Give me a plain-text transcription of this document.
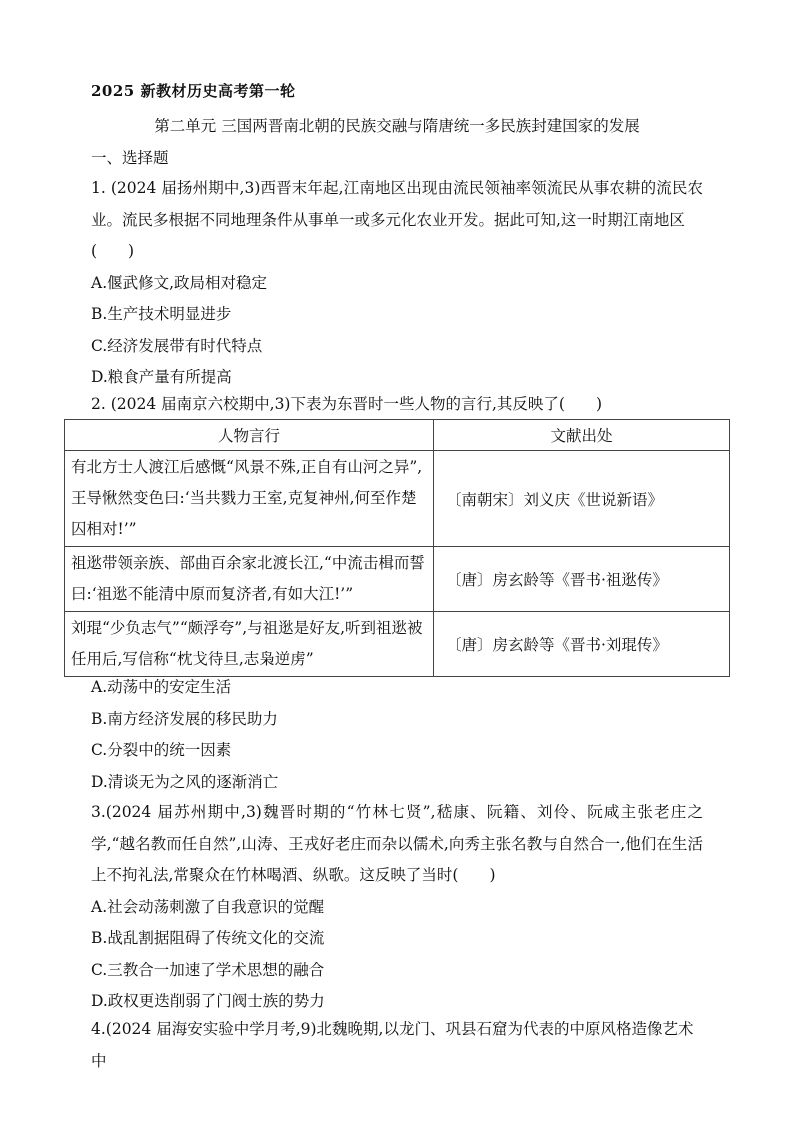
2025 新教材历史高考第一轮
第二单元 三国两晋南北朝的民族交融与隋唐统一多民族封建国家的发展
一、选择题
1. (2024 届扬州期中,3)西晋末年起,江南地区出现由流民领袖率领流民从事农耕的流民农业。流民多根据不同地理条件从事单一或多元化农业开发。据此可知,这一时期江南地区
(　　)
A.偃武修文,政局相对稳定
B.生产技术明显进步
C.经济发展带有时代特点
D.粮食产量有所提高
2. (2024 届南京六校期中,3)下表为东晋时一些人物的言行,其反映了(　　)
人物言行	文献出处
有北方士人渡江后感慨“风景不殊,正自有山河之异”,王导愀然变色曰:‘当共戮力王室,克复神州,何至作楚囚相对!’”	〔南朝宋〕刘义庆《世说新语》
祖逖带领亲族、部曲百余家北渡长江,“中流击楫而誓曰:‘祖逖不能清中原而复济者,有如大江!’”	〔唐〕房玄龄等《晋书·祖逖传》
刘琨“少负志气”“颇浮夸”,与祖逖是好友,听到祖逖被任用后,写信称“枕戈待旦,志枭逆虏”	〔唐〕房玄龄等《晋书·刘琨传》
A.动荡中的安定生活
B.南方经济发展的移民助力
C.分裂中的统一因素
D.清谈无为之风的逐渐消亡
3.(2024 届苏州期中,3)魏晋时期的“竹林七贤”,嵇康、阮籍、刘伶、阮咸主张老庄之学,“越名教而任自然”,山涛、王戎好老庄而杂以儒术,向秀主张名教与自然合一,他们在生活上不拘礼法,常聚众在竹林喝酒、纵歌。这反映了当时(　　)
A.社会动荡刺激了自我意识的觉醒
B.战乱割据阻碍了传统文化的交流
C.三教合一加速了学术思想的融合
D.政权更迭削弱了门阀士族的势力
4.(2024 届海安实验中学月考,9)北魏晚期,以龙门、巩县石窟为代表的中原风格造像艺术中
